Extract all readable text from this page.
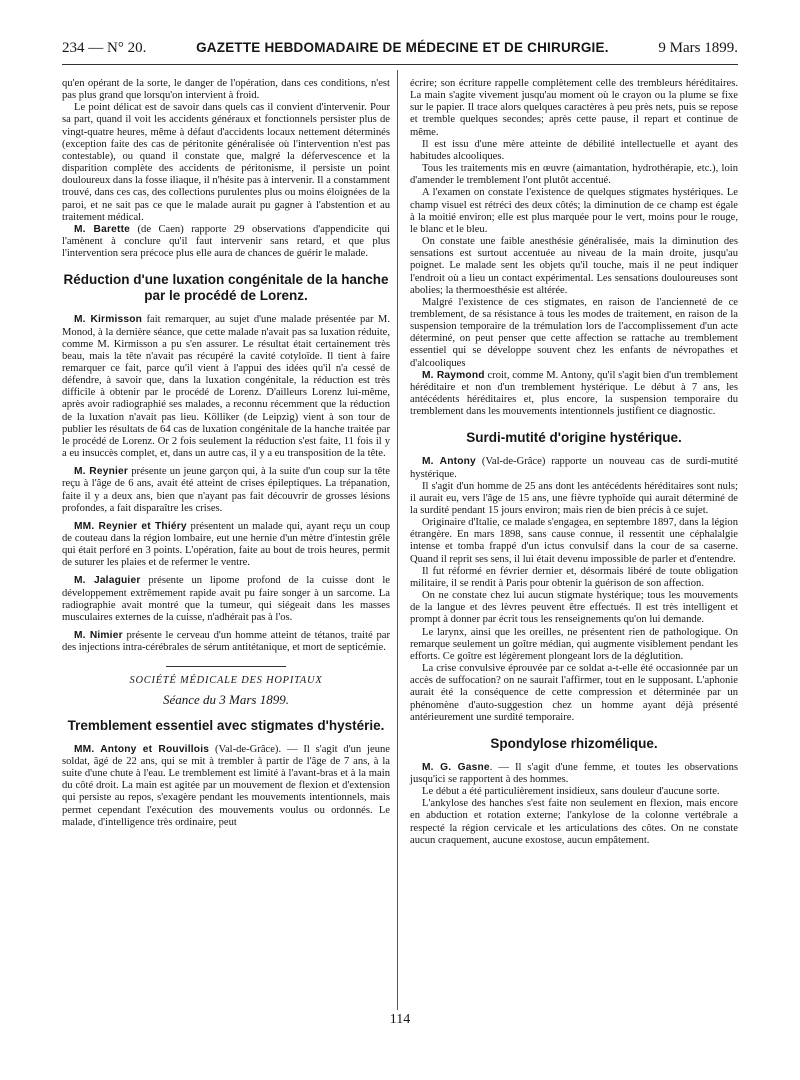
234 — N° 20.	GAZETTE HEBDOMADAIRE DE MÉDECINE ET DE CHIRURGIE.	9 Mars 1899.

qu'en opérant de la sorte, le danger de l'opération, dans ces conditions, n'est pas plus grand que lorsqu'on intervient à froid.

Le point délicat est de savoir dans quels cas il convient d'intervenir. Pour sa part, quand il voit les accidents généraux et fonctionnels persister plus de vingt-quatre heures, même à défaut d'accidents locaux nettement déterminés (exception faite des cas de péritonite généralisée où l'intervention n'est pas contestable), ou quand il constate que, malgré la défervescence et la disparition complète des accidents de péritonisme, il persiste un point douloureux dans la fosse iliaque, il n'hésite pas à intervenir. Il a constamment trouvé, dans ces cas, des collections purulentes plus ou moins éloignées de la paroi, et ne sait pas ce que le malade aurait pu gagner à l'abstention et au traitement médical.

M. Barette (de Caen) rapporte 29 observations d'appendicite qui l'amènent à conclure qu'il faut intervenir sans retard, et que plus l'intervention sera précoce plus elle aura de chances de guérir le malade.

Réduction d'une luxation congénitale de la hanche par le procédé de Lorenz.

M. Kirmisson fait remarquer, au sujet d'une malade présentée par M. Monod, à la dernière séance, que cette malade n'avait pas sa luxation réduite, comme M. Kirmisson a pu s'en assurer. Le résultat était certainement très beau, mais la tête n'avait pas récupéré la cavité cotyloïde. Il tient à faire remarquer ce fait, parce qu'il vient à l'appui des idées qu'il n'a cessé de défendre, à savoir que, dans la luxation congénitale, la réduction est très difficile à obtenir par le procédé de Lorenz. D'ailleurs Lorenz lui-même, après avoir radiographié ses malades, a reconnu récemment que la réduction de la luxation n'avait pas lieu. Kölliker (de Leipzig) vient à son tour de publier les résultats de 64 cas de luxation congénitale de la hanche traitée par le procédé de Lorenz. Or 2 fois seulement la réduction s'est faite, 11 fois il y a eu insuccès complet, et, dans un autre cas, il y a eu transposition de la tête.

M. Reynier présente un jeune garçon qui, à la suite d'un coup sur la tête reçu à l'âge de 6 ans, avait été atteint de crises épileptiques. La trépanation, faite il y a deux ans, bien que n'ayant pas fait découvrir de grosses lésions profondes, a fait disparaître les crises.

MM. Reynier et Thiéry présentent un malade qui, ayant reçu un coup de couteau dans la région lombaire, eut une hernie d'un mètre d'intestin grêle qui était perforé en 3 points. L'opération, faite au bout de trois heures, permit de suturer les plaies et de refermer le ventre.

M. Jalaguier présente un lipome profond de la cuisse dont le développement extrêmement rapide avait pu faire songer à un sarcome. La radiographie avait montré que la tumeur, qui siégeait dans les masses musculaires externes de la cuisse, n'adhérait pas à l'os.

M. Nimier présente le cerveau d'un homme atteint de tétanos, traité par des injections intra-cérébrales de sérum antitétanique, et mort de septicémie.

SOCIÉTÉ MÉDICALE DES HOPITAUX
Séance du 3 Mars 1899.
Tremblement essentiel avec stigmates d'hystérie.

MM. Antony et Rouvillois (Val-de-Grâce). — Il s'agit d'un jeune soldat, âgé de 22 ans, qui se mit à trembler à partir de l'âge de 7 ans, à la suite d'une chute à l'eau. Le tremblement est limité à l'avant-bras et à la main du côté droit. La main est agitée par un mouvement de flexion et d'extension qui persiste au repos, s'exagère pendant les mouvements intentionnels, mais permet cependant l'exécution des mouvements voulus ou ordonnés. Le malade, d'intelligence très ordinaire, peut

écrire; son écriture rappelle complètement celle des trembleurs héréditaires. La main s'agite vivement jusqu'au moment où le crayon ou la plume se fixe sur le papier. Il trace alors quelques caractères à peu près nets, puis se repose et tremble quelques secondes; après cette pause, il repart et continue de même.

Il est issu d'une mère atteinte de débilité intellectuelle et ayant des habitudes alcooliques.

Tous les traitements mis en œuvre (aimantation, hydrothérapie, etc.), loin d'amender le tremblement l'ont plutôt accentué.

A l'examen on constate l'existence de quelques stigmates hystériques. Le champ visuel est rétréci des deux côtés; la diminution de ce champ est égale à la moitié environ; elle est plus marquée pour le vert, moins pour le rouge, le blanc et le bleu.

On constate une faible anesthésie généralisée, mais la diminution des sensations est surtout accentuée au niveau de la main droite, jusqu'au poignet. Le malade sent les objets qu'il touche, mais il ne peut indiquer l'endroit où a lieu un contact expérimental. Les sensations douloureuses sont abolies; la thermoesthésie est altérée.

Malgré l'existence de ces stigmates, en raison de l'ancienneté de ce tremblement, de sa résistance à tous les modes de traitement, en raison de la suspension temporaire de la trémulation lors de l'accomplissement d'un acte déterminé, on peut penser que cette affection se rattache au tremblement essentiel qui se développe souvent chez les enfants de névropathes et d'alcooliques

M. Raymond croit, comme M. Antony, qu'il s'agit bien d'un tremblement héréditaire et non d'un tremblement hystérique. Le début à 7 ans, les antécédents héréditaires et, plus encore, la suspension temporaire du tremblement dans les mouvements intentionnels justifient ce diagnostic.

Surdi-mutité d'origine hystérique.

M. Antony (Val-de-Grâce) rapporte un nouveau cas de surdi-mutité hystérique.

Il s'agit d'un homme de 25 ans dont les antécédents héréditaires sont nuls; il aurait eu, vers l'âge de 15 ans, une fièvre typhoïde qui aurait déterminé de la surdité pendant 15 jours environ; mais rien de bien précis à ce sujet.

Originaire d'Italie, ce malade s'engagea, en septembre 1897, dans la légion étrangère. En mars 1898, sans cause connue, il ressentit une céphalalgie intense et tomba frappé d'un ictus convulsif dans la cour de sa caserne. Quand il reprit ses sens, il lui était devenu impossible de parler et d'entendre.

Il fut réformé en février dernier et, désormais libéré de toute obligation militaire, il se rendit à Paris pour obtenir la guérison de son affection.

On ne constate chez lui aucun stigmate hystérique; tous les mouvements de la langue et des lèvres peuvent être effectués. Il est très intelligent et prompt à donner par écrit tous les renseignements qu'on lui demande.

Le larynx, ainsi que les oreilles, ne présentent rien de pathologique. On remarque seulement un goître médian, qui augmente visiblement pendant les efforts. Ce goître est légèrement plongeant lors de la déglutition.

La crise convulsive éprouvée par ce soldat a-t-elle été occasionnée par un accès de suffocation? on ne saurait l'affirmer, tout en le supposant. L'aphonie aurait été la conséquence de cette compression et déterminée par un phénomène d'auto-suggestion chez un homme ayant déjà présenté antérieurement une surdité temporaire.

Spondylose rhizomélique.

M. G. Gasne. — Il s'agit d'une femme, et toutes les observations jusqu'ici se rapportent à des hommes.

Le début a été particulièrement insidieux, sans douleur d'aucune sorte.

L'ankylose des hanches s'est faite non seulement en flexion, mais encore en abduction et rotation externe; l'ankylose de la colonne vertébrale a respecté la région cervicale et les articulations des côtes. On ne constate aucun craquement, aucune exostose, aucun empâtement.

114
